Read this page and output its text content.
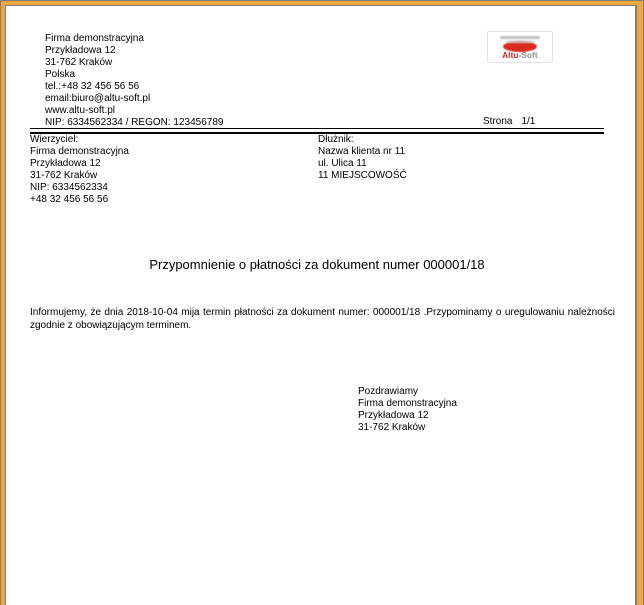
Firma demonstracyjna
Przykładowa 12
31-762 Kraków
Polska
tel.:+48 32 456 56 56
email:biuro@altu-soft.pl
www.altu-soft.pl
NIP: 6334562334 / REGON: 123456789
Altu-Soft
Strona 1/1
Wierzyciel:
Firma demonstracyjna
Przykładowa 12
31-762 Kraków
NIP: 6334562334
+48 32 456 56 56
Dłużnik:
Nazwa klienta nr 11
ul. Ulica 11
11 MIEJSCOWOŚĆ
Przypomnienie o płatności za dokument numer 000001/18
Informujemy, że dnia 2018-10-04 mija termin płatności za dokument numer: 000001/18 .Przypominamy o uregulowaniu należności zgodnie z obowiązującym terminem.
Pozdrawiamy
Firma demonstracyjna
Przykładowa 12
31-762 Kraków
